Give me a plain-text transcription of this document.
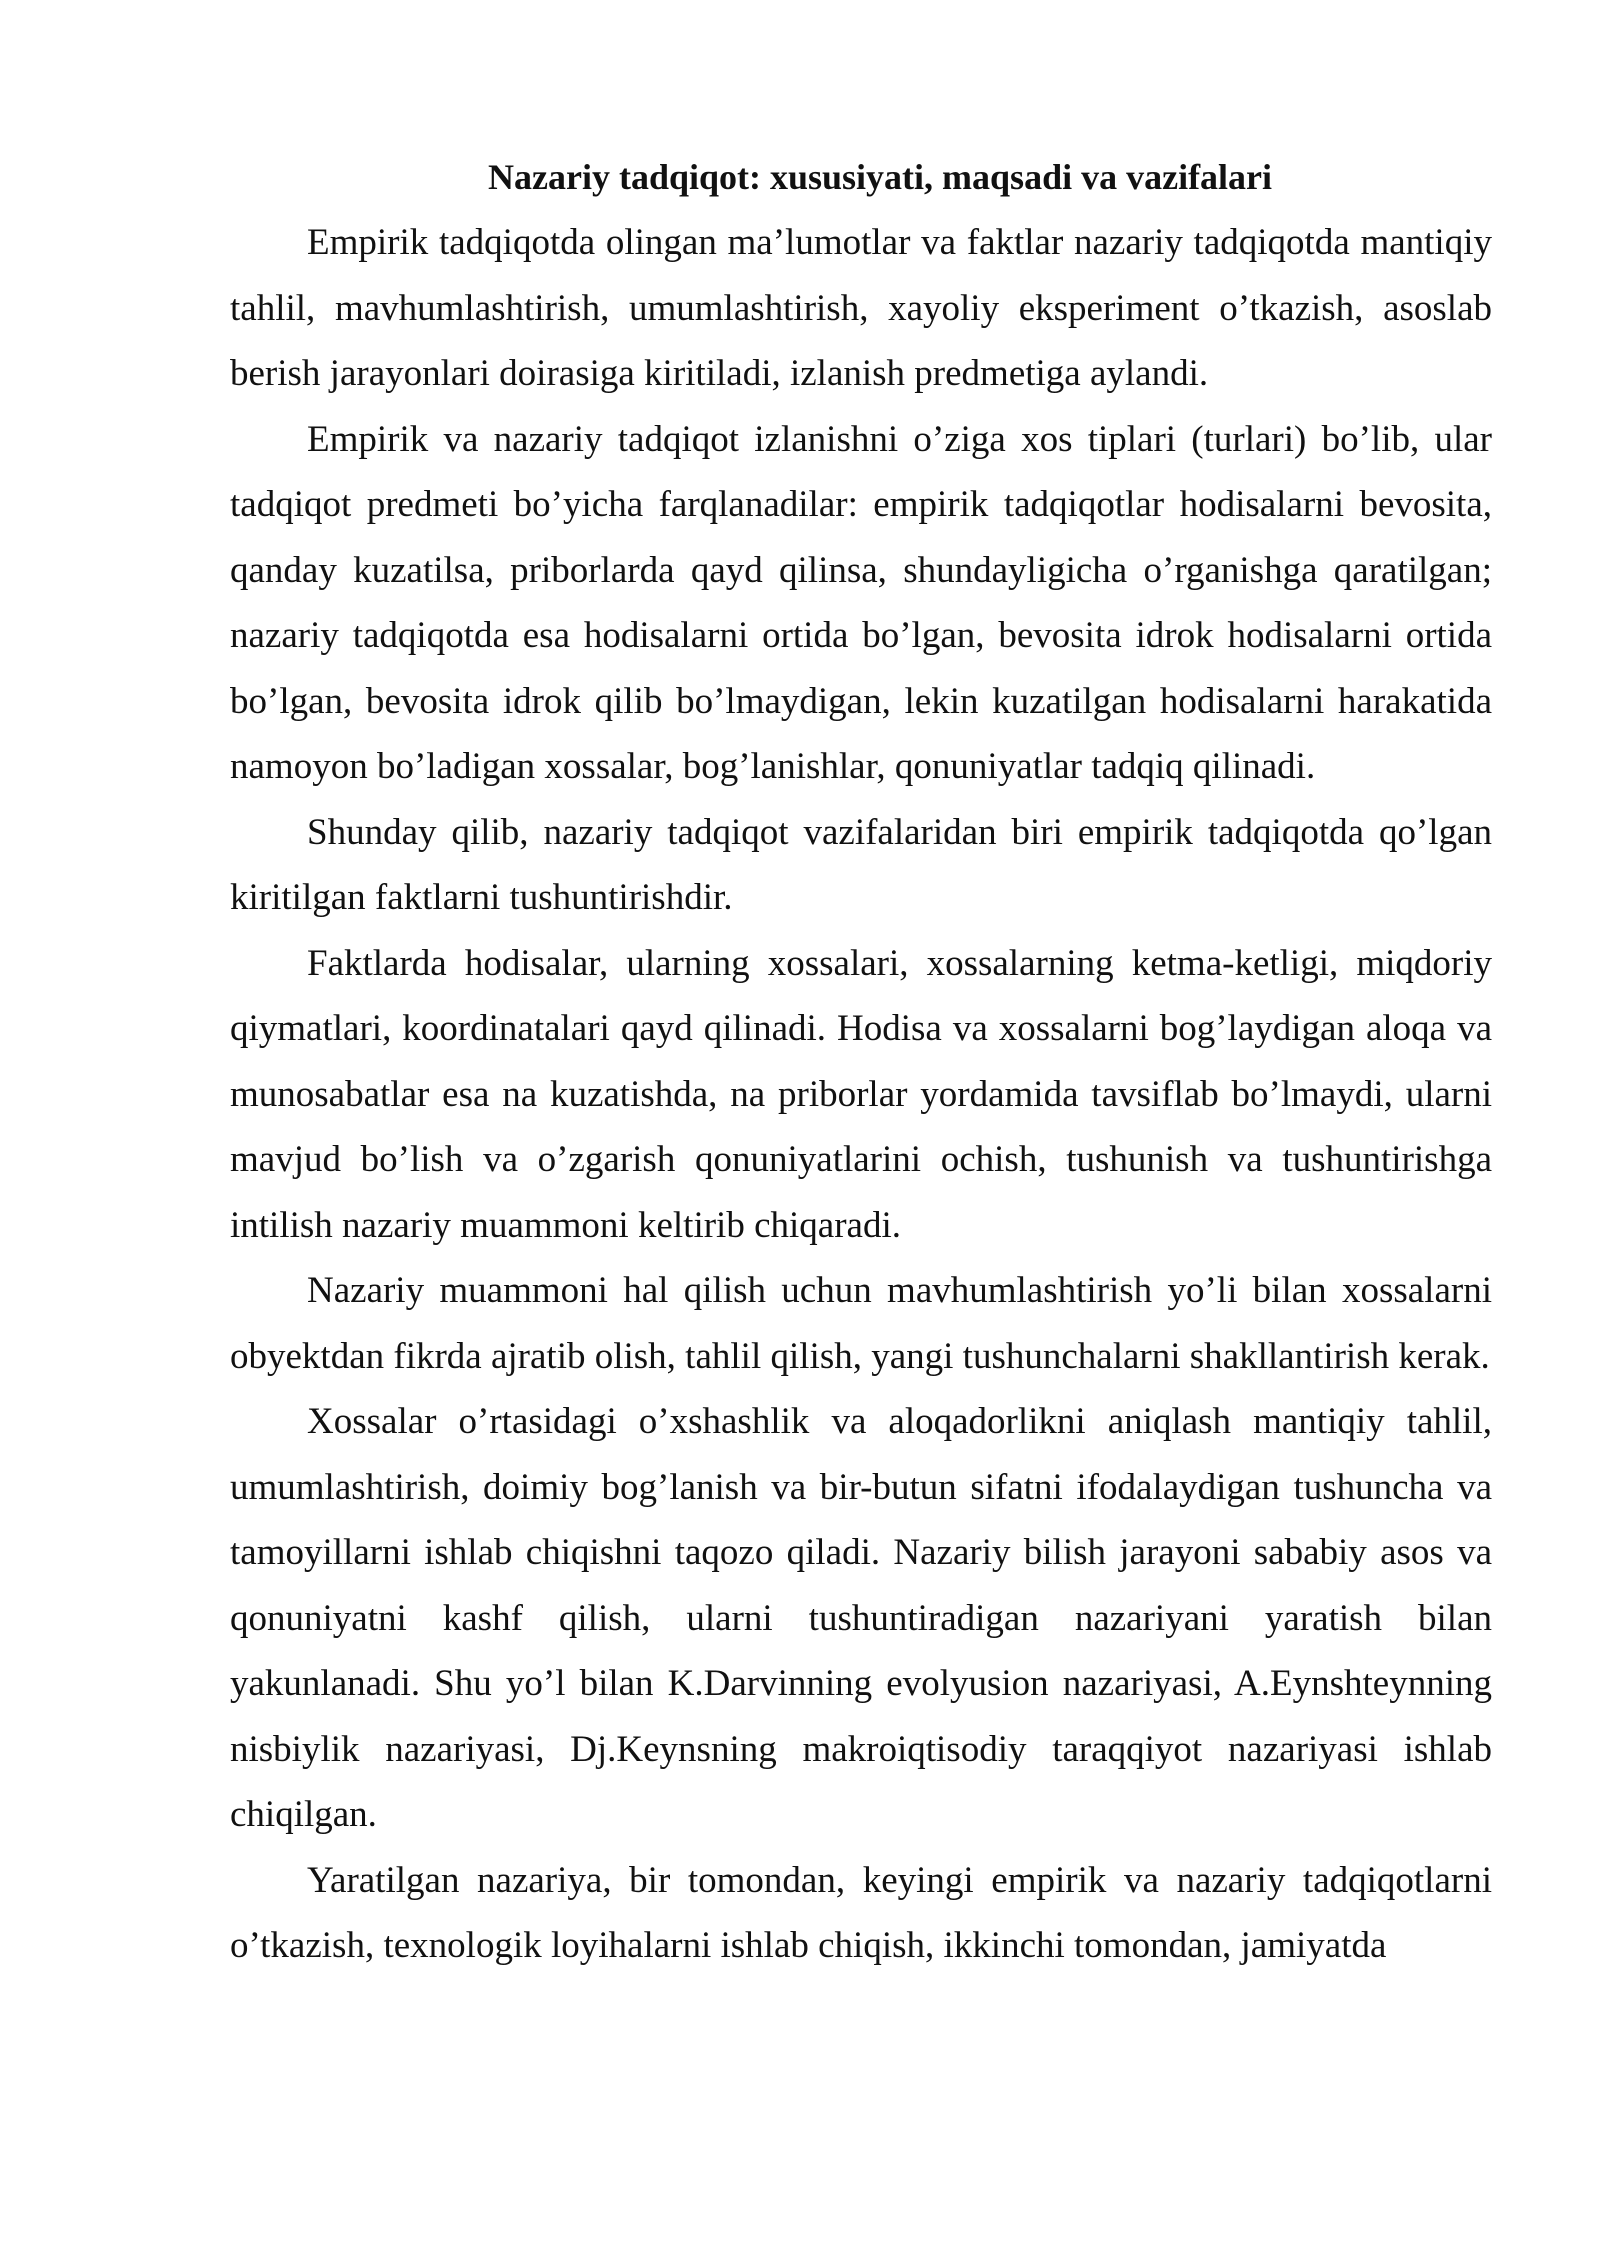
Nazariy tadqiqot: xususiyati, maqsadi va vazifalari

Empirik tadqiqotda olingan ma’lumotlar va faktlar nazariy tadqiqotda mantiqiy tahlil, mavhumlashtirish, umumlashtirish, xayoliy eksperiment o’tkazish, asoslab berish jarayonlari doirasiga kiritiladi, izlanish predmetiga aylandi.

Empirik va nazariy tadqiqot izlanishni o’ziga xos tiplari (turlari) bo’lib, ular tadqiqot predmeti bo’yicha farqlanadilar: empirik tadqiqotlar hodisalarni bevosita, qanday kuzatilsa, priborlarda qayd qilinsa, shundayligicha o’rganishga qaratilgan; nazariy tadqiqotda esa hodisalarni ortida bo’lgan, bevosita idrok hodisalarni ortida bo’lgan, bevosita idrok qilib bo’lmaydigan, lekin kuzatilgan hodisalarni harakatida namoyon bo’ladigan xossalar, bog’lanishlar, qonuniyatlar tadqiq qilinadi.

Shunday qilib, nazariy tadqiqot vazifalaridan biri empirik tadqiqotda qo’lgan kiritilgan faktlarni tushuntirishdir.

Faktlarda hodisalar, ularning xossalari, xossalarning ketma-ketligi, miqdoriy qiymatlari, koordinatalari qayd qilinadi. Hodisa va xossalarni bog’laydigan aloqa va munosabatlar esa na kuzatishda, na priborlar yordamida tavsiflab bo’lmaydi, ularni mavjud bo’lish va o’zgarish qonuniyatlarini ochish, tushunish va tushuntirishga intilish nazariy muammoni keltirib chiqaradi.

Nazariy muammoni hal qilish uchun mavhumlashtirish yo’li bilan xossalarni obyektdan fikrda ajratib olish, tahlil qilish, yangi tushunchalarni shakllantirish kerak.

Xossalar o’rtasidagi o’xshashlik va aloqadorlikni aniqlash mantiqiy tahlil, umumlashtirish, doimiy bog’lanish va bir-butun sifatni ifodalaydigan tushuncha va tamoyillarni ishlab chiqishni taqozo qiladi. Nazariy bilish jarayoni sababiy asos va qonuniyatni kashf qilish, ularni tushuntiradigan nazariyani yaratish bilan yakunlanadi. Shu yo’l bilan K.Darvinning evolyusion nazariyasi, A.Eynshteynning nisbiylik nazariyasi, Dj.Keynsning makroiqtisodiy taraqqiyot nazariyasi ishlab chiqilgan.

Yaratilgan nazariya, bir tomondan, keyingi empirik va nazariy tadqiqotlarni o’tkazish, texnologik loyihalarni ishlab chiqish, ikkinchi tomondan, jamiyatda
